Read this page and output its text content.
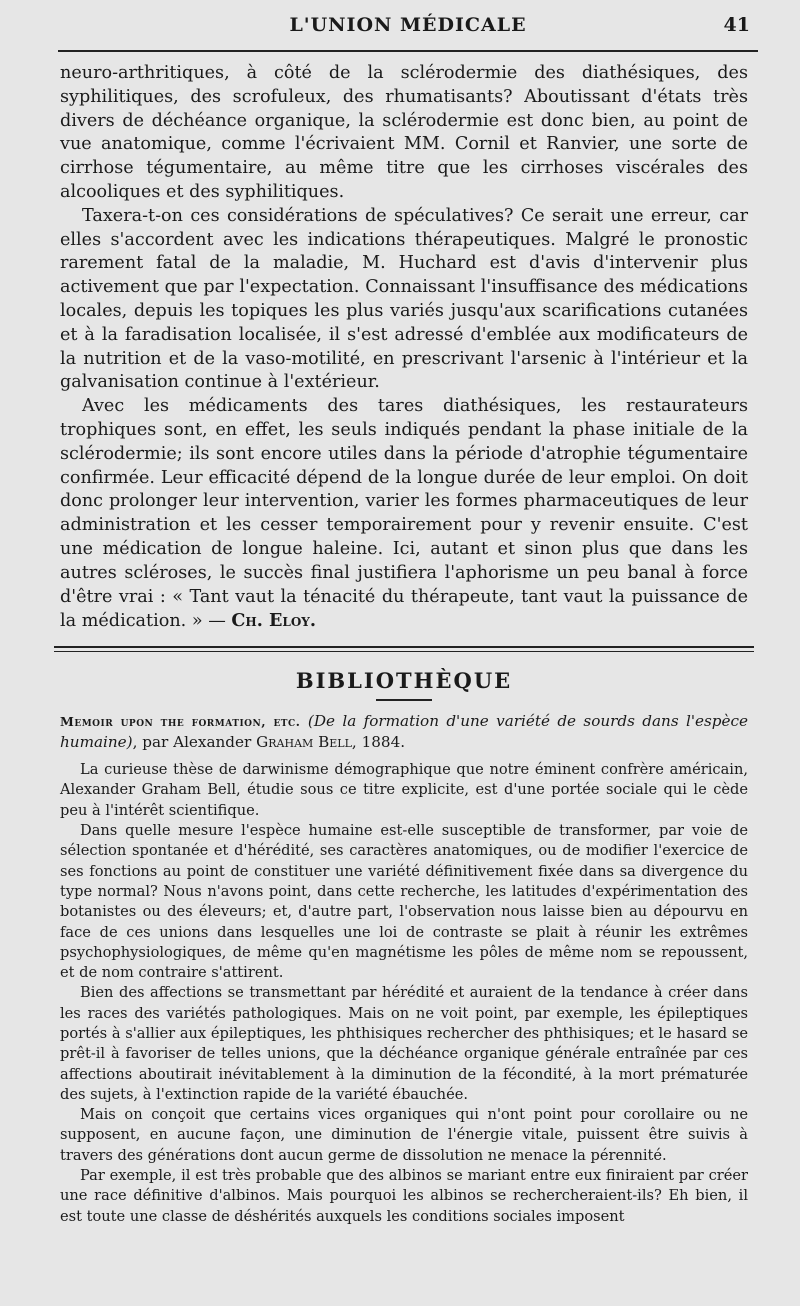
L'UNION MÉDICALE	41

neuro-arthritiques, à côté de la sclérodermie des diathésiques, des syphilitiques, des scrofuleux, des rhumatisants? Aboutissant d'états très divers de déchéance organique, la sclérodermie est donc bien, au point de vue anatomique, comme l'écrivaient MM. Cornil et Ranvier, une sorte de cirrhose tégumentaire, au même titre que les cirrhoses viscérales des alcooliques et des syphilitiques.

Taxera-t-on ces considérations de spéculatives? Ce serait une erreur, car elles s'accordent avec les indications thérapeutiques. Malgré le pronostic rarement fatal de la maladie, M. Huchard est d'avis d'intervenir plus activement que par l'expectation. Connaissant l'insuffisance des médications locales, depuis les topiques les plus variés jusqu'aux scarifications cutanées et à la faradisation localisée, il s'est adressé d'emblée aux modificateurs de la nutrition et de la vaso-motilité, en prescrivant l'arsenic à l'intérieur et la galvanisation continue à l'extérieur.

Avec les médicaments des tares diathésiques, les restaurateurs trophiques sont, en effet, les seuls indiqués pendant la phase initiale de la sclérodermie; ils sont encore utiles dans la période d'atrophie tégumentaire confirmée. Leur efficacité dépend de la longue durée de leur emploi. On doit donc prolonger leur intervention, varier les formes pharmaceutiques de leur administration et les cesser temporairement pour y revenir ensuite. C'est une médication de longue haleine. Ici, autant et sinon plus que dans les autres scléroses, le succès final justifiera l'aphorisme un peu banal à force d'être vrai : « Tant vaut la ténacité du thérapeute, tant vaut la puissance de la médication. » — Ch. Eloy.

BIBLIOTHÈQUE
Memoir upon the formation, etc. (De la formation d'une variété de sourds dans l'espèce humaine), par Alexander Graham Bell, 1884.

La curieuse thèse de darwinisme démographique que notre éminent confrère américain, Alexander Graham Bell, étudie sous ce titre explicite, est d'une portée sociale qui le cède peu à l'intérêt scientifique.

Dans quelle mesure l'espèce humaine est-elle susceptible de transformer, par voie de sélection spontanée et d'hérédité, ses caractères anatomiques, ou de modifier l'exercice de ses fonctions au point de constituer une variété définitivement fixée dans sa divergence du type normal? Nous n'avons point, dans cette recherche, les latitudes d'expérimentation des botanistes ou des éleveurs; et, d'autre part, l'observation nous laisse bien au dépourvu en face de ces unions dans lesquelles une loi de contraste se plait à réunir les extrêmes psychophysiologiques, de même qu'en magnétisme les pôles de même nom se repoussent, et de nom contraire s'attirent.

Bien des affections se transmettant par hérédité et auraient de la tendance à créer dans les races des variétés pathologiques. Mais on ne voit point, par exemple, les épileptiques portés à s'allier aux épileptiques, les phthisiques rechercher des phthisiques; et le hasard se prêt-il à favoriser de telles unions, que la déchéance organique générale entraînée par ces affections aboutirait inévitablement à la diminution de la fécondité, à la mort prématurée des sujets, à l'extinction rapide de la variété ébauchée.

Mais on conçoit que certains vices organiques qui n'ont point pour corollaire ou ne supposent, en aucune façon, une diminution de l'énergie vitale, puissent être suivis à travers des générations dont aucun germe de dissolution ne menace la pérennité.

Par exemple, il est très probable que des albinos se mariant entre eux finiraient par créer une race définitive d'albinos. Mais pourquoi les albinos se rechercheraient-ils? Eh bien, il est toute une classe de déshérités auxquels les conditions sociales imposent
